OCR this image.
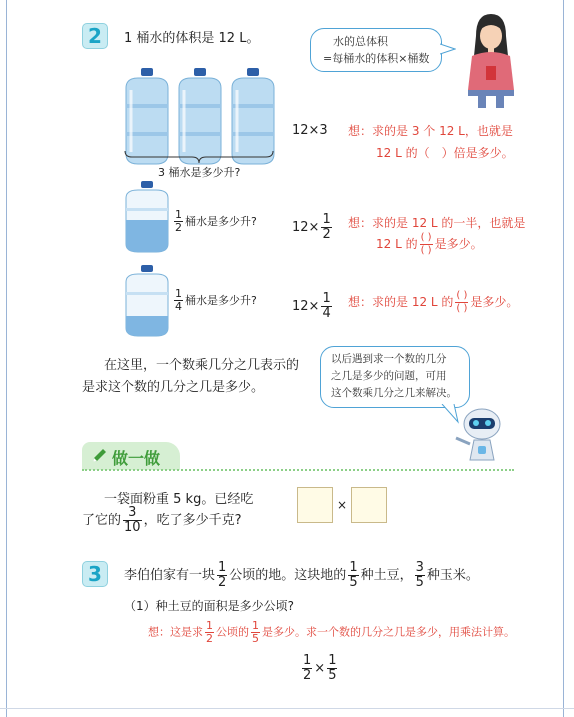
2	1 桶水的体积是 12 L。	水的总体积
=每桶水的体积×桶数
3 桶水是多少升?
12×3 想：求的是 3 个 12 L，也就是
12 L 的（　）倍是多少。
$\frac{1}{2}$ 桶水是多少升?	$12\times \frac{1}{2}$ 想：求的是 12 L 的一半，也就是
12 L 的 $\frac{( )}{( )}$ 是多少。
$\frac{1}{4}$ 桶水是多少升?	$12\times \frac{1}{4}$ 想：求的是 12 L 的 $\frac{( )}{( )}$ 是多少。
在这里，一个数乘几分之几表示的
是求这个数的几分之几是多少。
以后遇到求一个数的几分
之几是多少的问题，可用
这个数乘几分之几来解决。
做一做
一袋面粉重 5 kg。已经吃
了它的 $\frac{3}{10}$ ，吃了多少千克?
×
3	李伯伯家有一块 $\frac{1}{2}$ 公顷的地。这块地的 $\frac{1}{5}$ 种土豆， $\frac{3}{5}$ 种玉米。
（1）种土豆的面积是多少公顷?
想：这是求 $\frac{1}{2}$ 公顷的 $\frac{1}{5}$ 是多少。求一个数的几分之几是多少，用乘法计算。
$\frac{1}{2} \times \frac{1}{5}$
